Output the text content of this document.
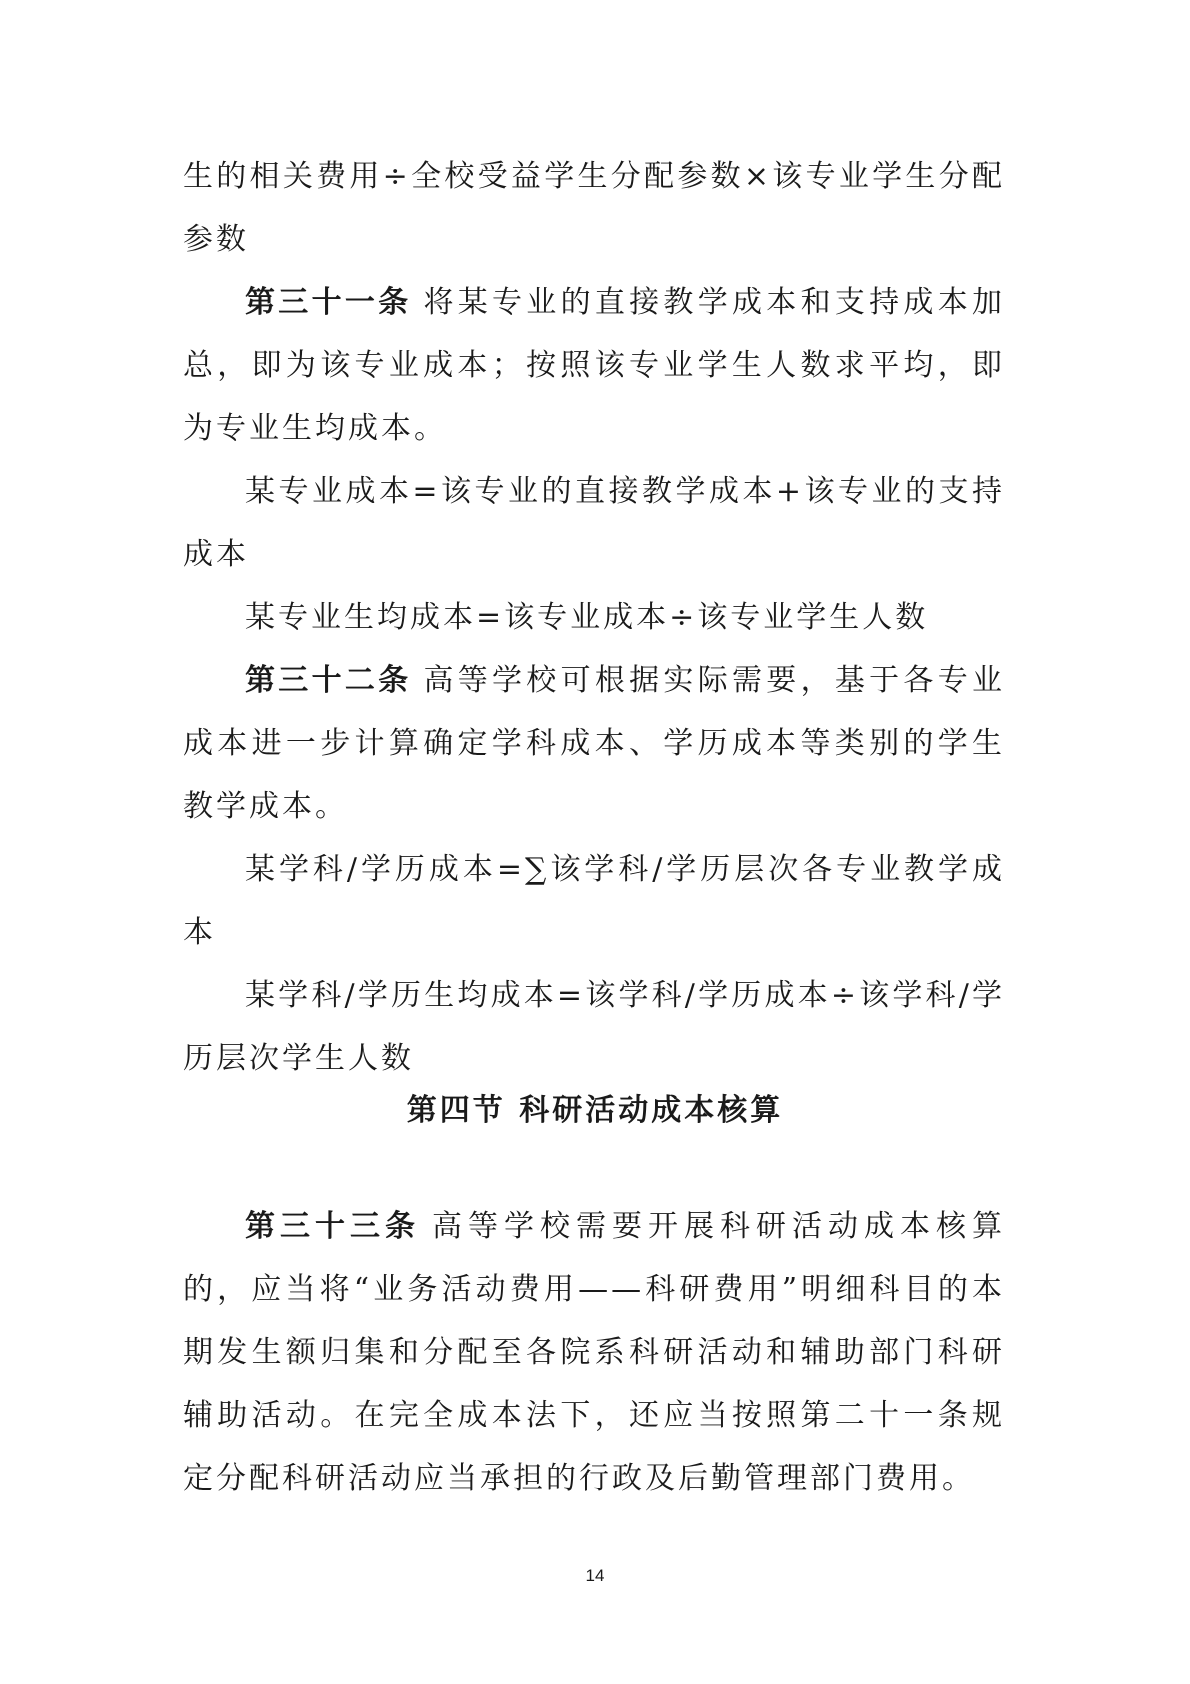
生的相关费用÷全校受益学生分配参数×该专业学生分配参数

第三十一条 将某专业的直接教学成本和支持成本加总，即为该专业成本；按照该专业学生人数求平均，即为专业生均成本。

某专业成本=该专业的直接教学成本+该专业的支持成本

某专业生均成本=该专业成本÷该专业学生人数

第三十二条 高等学校可根据实际需要，基于各专业成本进一步计算确定学科成本、学历成本等类别的学生教学成本。

某学科/学历成本=∑该学科/学历层次各专业教学成本

某学科/学历生均成本=该学科/学历成本÷该学科/学历层次学生人数

第四节 科研活动成本核算

第三十三条 高等学校需要开展科研活动成本核算的，应当将“业务活动费用——科研费用”明细科目的本期发生额归集和分配至各院系科研活动和辅助部门科研辅助活动。在完全成本法下，还应当按照第二十一条规定分配科研活动应当承担的行政及后勤管理部门费用。

14
